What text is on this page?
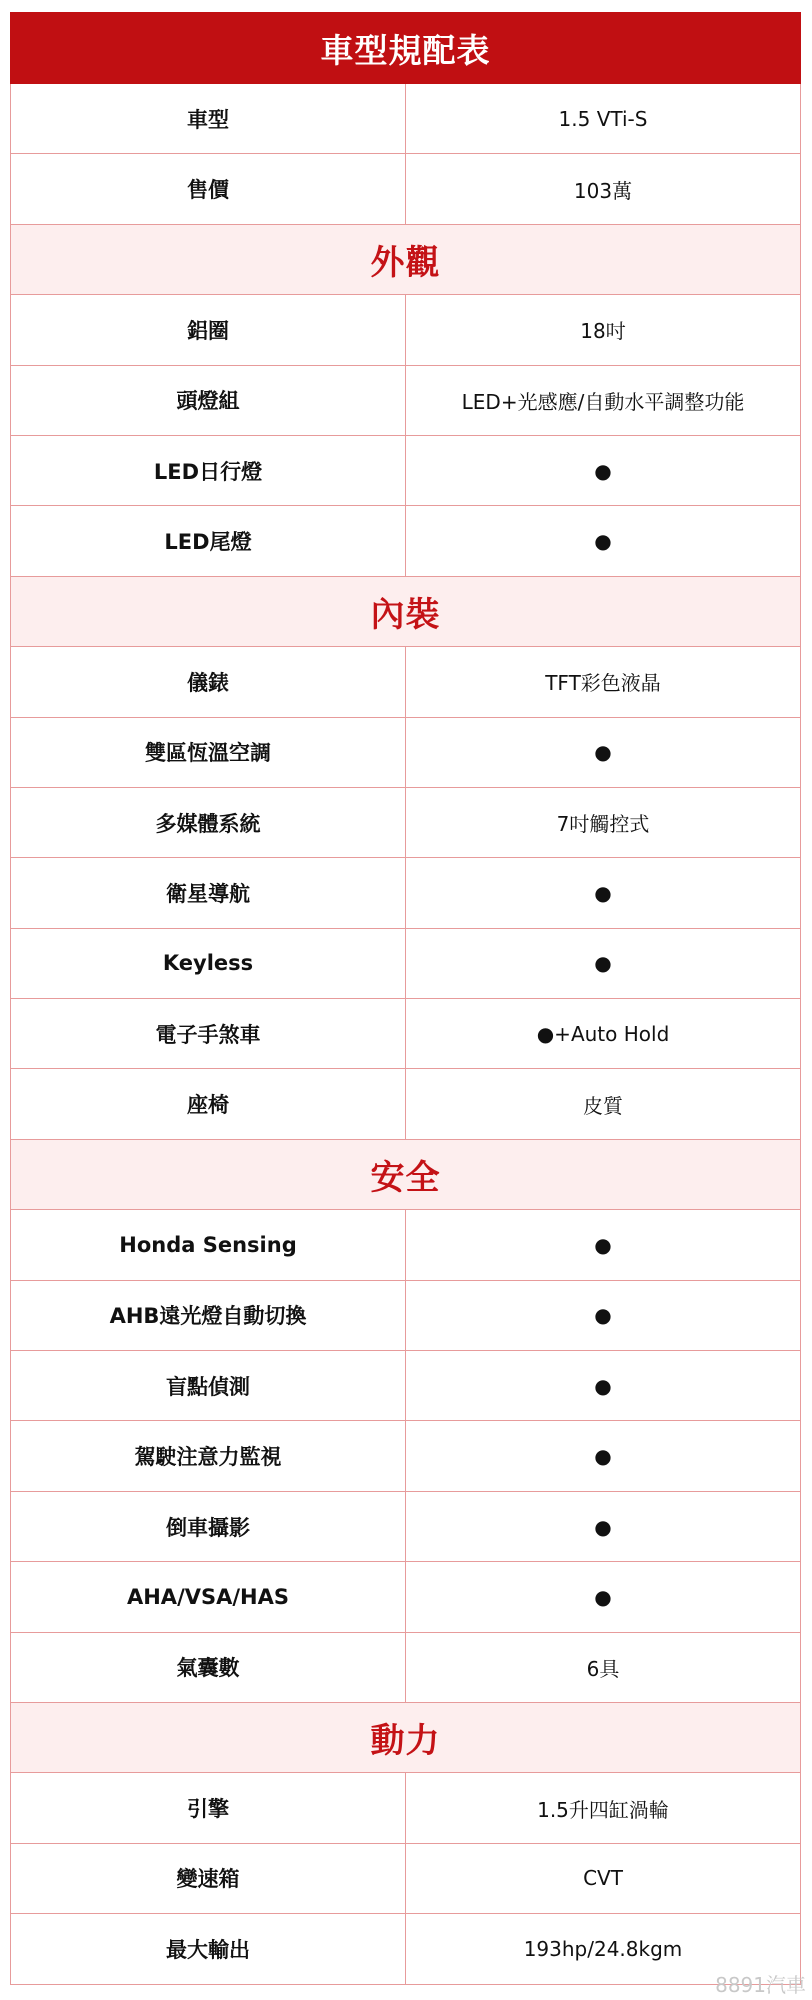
車型規配表	
車型	1.5 VTi-S
售價	103萬
外觀	
鋁圈	18吋
頭燈組	LED+光感應/自動水平調整功能
LED日行燈	●
LED尾燈	●
內裝	
儀錶	TFT彩色液晶
雙區恆溫空調	●
多媒體系統	7吋觸控式
衛星導航	●
Keyless	●
電子手煞車	●+Auto Hold
座椅	皮質
安全	
Honda Sensing	●
AHB遠光燈自動切換	●
盲點偵測	●
駕駛注意力監視	●
倒車攝影	●
AHA/VSA/HAS	●
氣囊數	6具
動力	
引擎	1.5升四缸渦輪
變速箱	CVT
最大輸出	193hp/24.8kgm
8891汽車
